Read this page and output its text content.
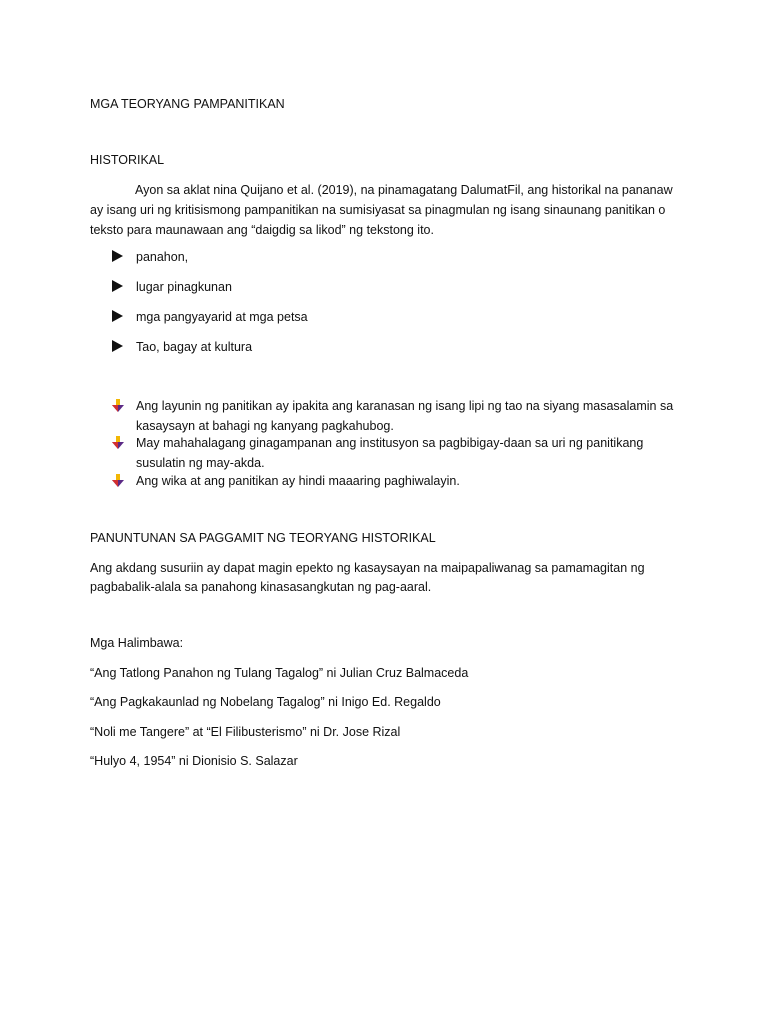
MGA TEORYANG PAMPANITIKAN
HISTORIKAL
Ayon sa aklat nina Quijano et al. (2019), na pinamagatang DalumatFil, ang historikal na pananaw
ay isang uri ng kritisismong pampanitikan na sumisiyasat sa pinagmulan ng isang sinaunang panitikan o
teksto para maunawaan ang “daigdig sa likod” ng tekstong ito.
panahon,
lugar pinagkunan
mga pangyayarid at mga petsa
Tao, bagay at kultura
Ang layunin ng panitikan ay ipakita ang karanasan ng isang lipi ng tao na siyang masasalamin sa
kasaysayn at bahagi ng kanyang pagkahubog.
May mahahalagang ginagampanan ang institusyon sa pagbibigay-daan sa uri ng panitikang
susulatin ng may-akda.
Ang wika at ang panitikan ay hindi maaaring paghiwalayin.
PANUNTUNAN SA PAGGAMIT NG TEORYANG HISTORIKAL
Ang akdang susuriin ay dapat magin epekto ng kasaysayan na maipapaliwanag sa pamamagitan ng
pagbabalik-alala sa panahong kinasasangkutan ng pag-aaral.
Mga Halimbawa:
“Ang Tatlong Panahon ng Tulang Tagalog” ni Julian Cruz Balmaceda
“Ang Pagkakaunlad ng Nobelang Tagalog” ni Inigo Ed. Regaldo
“Noli me Tangere” at “El Filibusterismo” ni Dr. Jose Rizal
“Hulyo 4, 1954” ni Dionisio S. Salazar
